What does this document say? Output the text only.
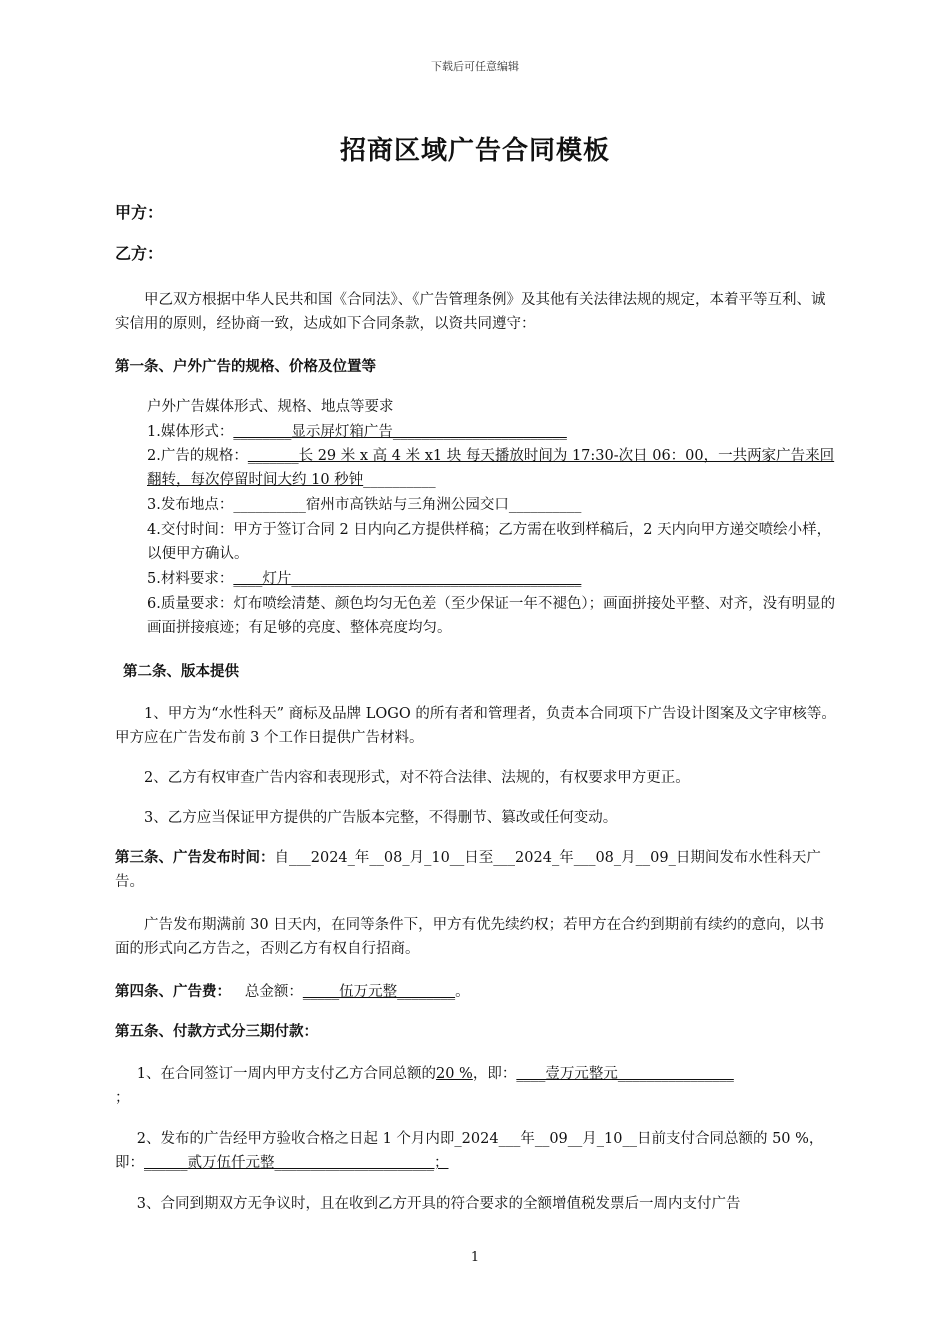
下载后可任意编辑
招商区域广告合同模板
甲方：
乙方：
甲乙双方根据中华人民共和国《合同法》、《广告管理条例》及其他有关法律法规的规定，本着平等互利、诚实信用的原则，经协商一致，达成如下合同条款，以资共同遵守：
第一条、户外广告的规格、价格及位置等
户外广告媒体形式、规格、地点等要求
1.媒体形式：________显示屏灯箱广告________________________
2.广告的规格：_______长 29 米 x 高 4 米 x1 块 每天播放时间为 17:30-次日 06：00，一共两家广告来回翻转，每次停留时间大约 10 秒钟__________
3.发布地点：__________宿州市高铁站与三角洲公园交口__________
4.交付时间：甲方于签订合同 2 日内向乙方提供样稿；乙方需在收到样稿后，2 天内向甲方递交喷绘小样，以便甲方确认。
5.材料要求：____灯片________________________________________
6.质量要求：灯布喷绘清楚、颜色均匀无色差（至少保证一年不褪色）；画面拼接处平整、对齐，没有明显的画面拼接痕迹；有足够的亮度、整体亮度均匀。
第二条、版本提供
1、甲方为“水性科天” 商标及品牌 LOGO 的所有者和管理者，负责本合同项下广告设计图案及文字审核等。甲方应在广告发布前 3 个工作日提供广告材料。
2、乙方有权审查广告内容和表现形式，对不符合法律、法规的，有权要求甲方更正。
3、乙方应当保证甲方提供的广告版本完整，不得删节、篡改或任何变动。
第三条、广告发布时间：自___2024_年__08_月_10__日至___2024_年___08_月__09_日期间发布水性科天广告。
广告发布期满前 30 日天内，在同等条件下，甲方有优先续约权；若甲方在合约到期前有续约的意向，以书面的形式向乙方告之，否则乙方有权自行招商。
第四条、广告费： 总金额：_____伍万元整________。
第五条、付款方式分三期付款：
1、在合同签订一周内甲方支付乙方合同总额的20 %，即：____壹万元整元________________
；
2、发布的广告经甲方验收合格之日起 1 个月内即_2024___年__09__月_10__日前支付合同总额的 50 %，即：______贰万伍仟元整______________________；
3、合同到期双方无争议时，且在收到乙方开具的符合要求的全额增值税发票后一周内支付广告
1
